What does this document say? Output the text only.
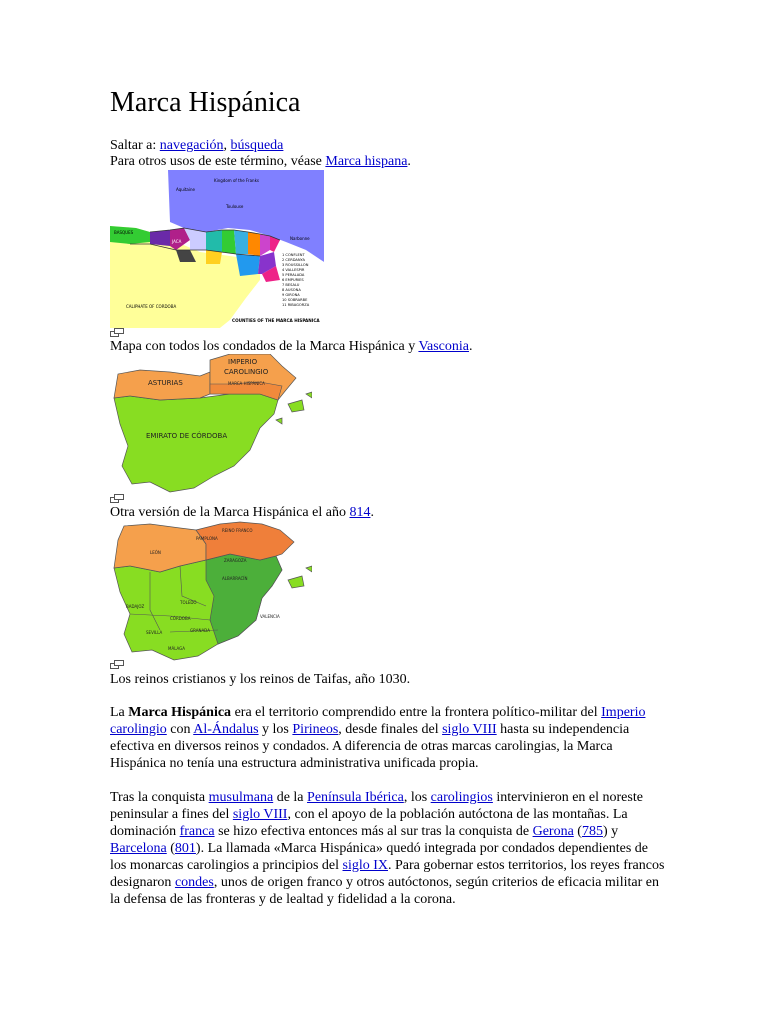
Marca Hispánica
Saltar a: navegación, búsqueda
Para otros usos de este término, véase Marca hispana.
Aquitaine
Kingdom of the Franks
Toulouse
Narbonne
BASQUES
JACA
CALIPHATE OF CORDOBA
1 CONFLENT
2 CERDANYA
3 ROUSSILLON
4 VALLESPIR
5 PERALADA
6 EMPURIES
7 BESALU
8 AUSONA
9 GIRONA
10 SOBRARBE
11 RIBAGORZA
COUNTIES OF THE MARCA HISPANICA
Mapa con todos los condados de la Marca Hispánica y Vasconia.
IMPERIO
CAROLINGIO
MARCA HISPÁNICA
ASTURIAS
EMIRATO DE CÓRDOBA
Otra versión de la Marca Hispánica el año 814.
LEÓN
REINO FRANCO
PAMPLONA
ZARAGOZA
ALBARRACÍN
TOLEDO
BADAJOZ
CÓRDOBA	VALENCIA
SEVILLA	GRANADA
MÁLAGA
Los reinos cristianos y los reinos de Taifas, año 1030.

La Marca Hispánica era el territorio comprendido entre la frontera político-militar del Imperio carolingio con Al-Ándalus y los Pirineos, desde finales del siglo VIII hasta su independencia efectiva en diversos reinos y condados. A diferencia de otras marcas carolingias, la Marca Hispánica no tenía una estructura administrativa unificada propia.

Tras la conquista musulmana de la Península Ibérica, los carolingios intervinieron en el noreste peninsular a fines del siglo VIII, con el apoyo de la población autóctona de las montañas. La dominación franca se hizo efectiva entonces más al sur tras la conquista de Gerona (785) y Barcelona (801). La llamada «Marca Hispánica» quedó integrada por condados dependientes de los monarcas carolingios a principios del siglo IX. Para gobernar estos territorios, los reyes francos designaron condes, unos de origen franco y otros autóctonos, según criterios de eficacia militar en la defensa de las fronteras y de lealtad y fidelidad a la corona.
